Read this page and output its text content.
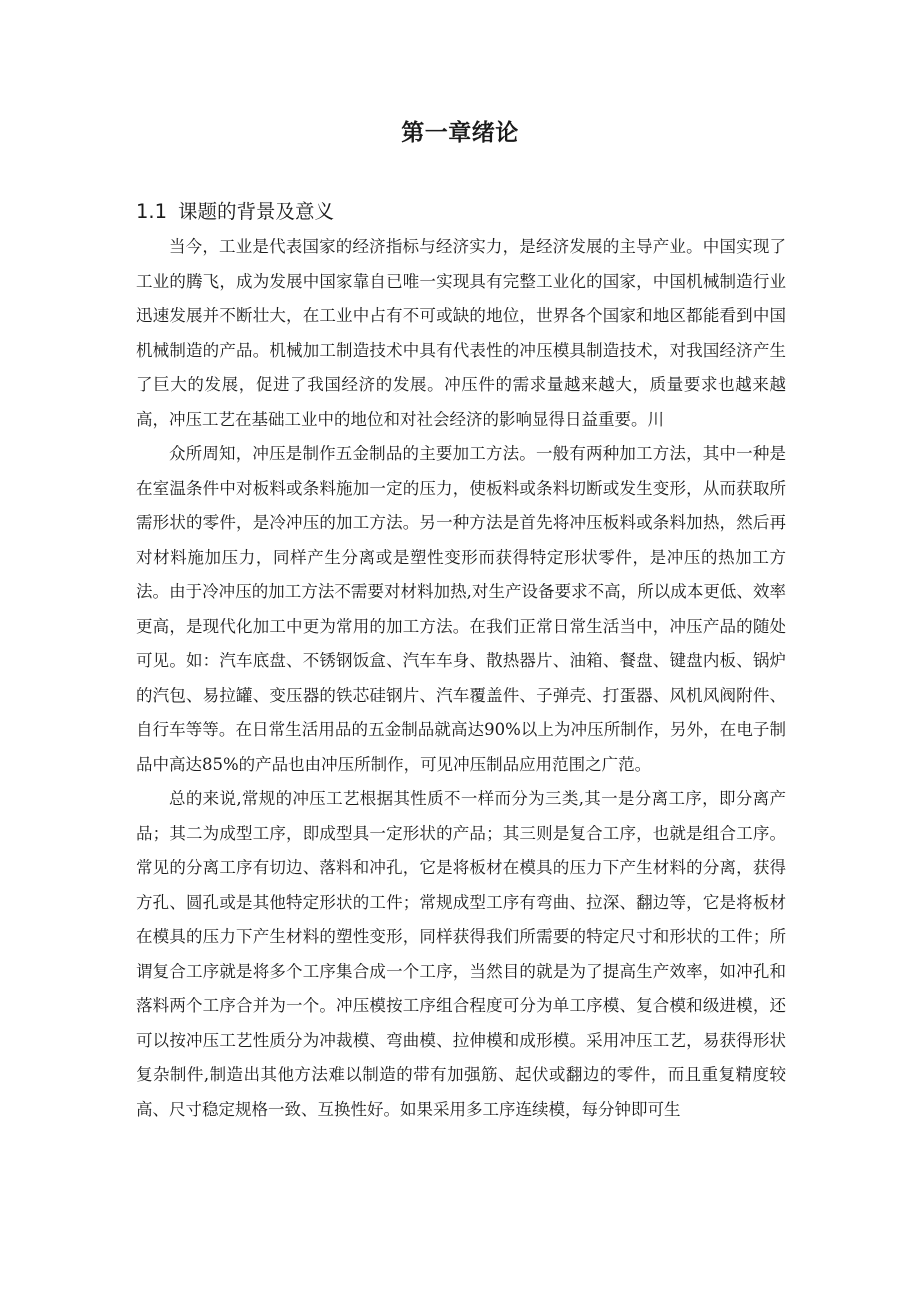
第一章绪论
1.1 课题的背景及意义

当今，工业是代表国家的经济指标与经济实力，是经济发展的主导产业。中国实现了工业的腾飞，成为发展中国家靠自已唯一实现具有完整工业化的国家，中国机械制造行业迅速发展并不断壮大，在工业中占有不可或缺的地位，世界各个国家和地区都能看到中国机械制造的产品。机械加工制造技术中具有代表性的冲压模具制造技术，对我国经济产生了巨大的发展，促进了我国经济的发展。冲压件的需求量越来越大，质量要求也越来越高，冲压工艺在基础工业中的地位和对社会经济的影响显得日益重要。川

众所周知，冲压是制作五金制品的主要加工方法。一般有两种加工方法，其中一种是在室温条件中对板料或条料施加一定的压力，使板料或条料切断或发生变形，从而获取所需形状的零件，是冷冲压的加工方法。另一种方法是首先将冲压板料或条料加热，然后再对材料施加压力，同样产生分离或是塑性变形而获得特定形状零件，是冲压的热加工方法。由于冷冲压的加工方法不需要对材料加热,对生产设备要求不高，所以成本更低、效率更高，是现代化加工中更为常用的加工方法。在我们正常日常生活当中，冲压产品的随处可见。如：汽车底盘、不锈钢饭盒、汽车车身、散热器片、油箱、餐盘、键盘内板、锅炉的汽包、易拉罐、变压器的铁芯硅钢片、汽车覆盖件、子弹壳、打蛋器、风机风阀附件、自行车等等。在日常生活用品的五金制品就高达90%以上为冲压所制作，另外，在电子制品中高达85%的产品也由冲压所制作，可见冲压制品应用范围之广范。

总的来说,常规的冲压工艺根据其性质不一样而分为三类,其一是分离工序，即分离产品；其二为成型工序，即成型具一定形状的产品；其三则是复合工序，也就是组合工序。常见的分离工序有切边、落料和冲孔，它是将板材在模具的压力下产生材料的分离，获得方孔、圆孔或是其他特定形状的工件；常规成型工序有弯曲、拉深、翻边等，它是将板材在模具的压力下产生材料的塑性变形，同样获得我们所需要的特定尺寸和形状的工件；所谓复合工序就是将多个工序集合成一个工序，当然目的就是为了提高生产效率，如冲孔和落料两个工序合并为一个。冲压模按工序组合程度可分为单工序模、复合模和级进模，还可以按冲压工艺性质分为冲裁模、弯曲模、拉伸模和成形模。采用冲压工艺，易获得形状复杂制件,制造出其他方法难以制造的带有加强筋、起伏或翻边的零件，而且重复精度较高、尺寸稳定规格一致、互换性好。如果采用多工序连续模，每分钟即可生
